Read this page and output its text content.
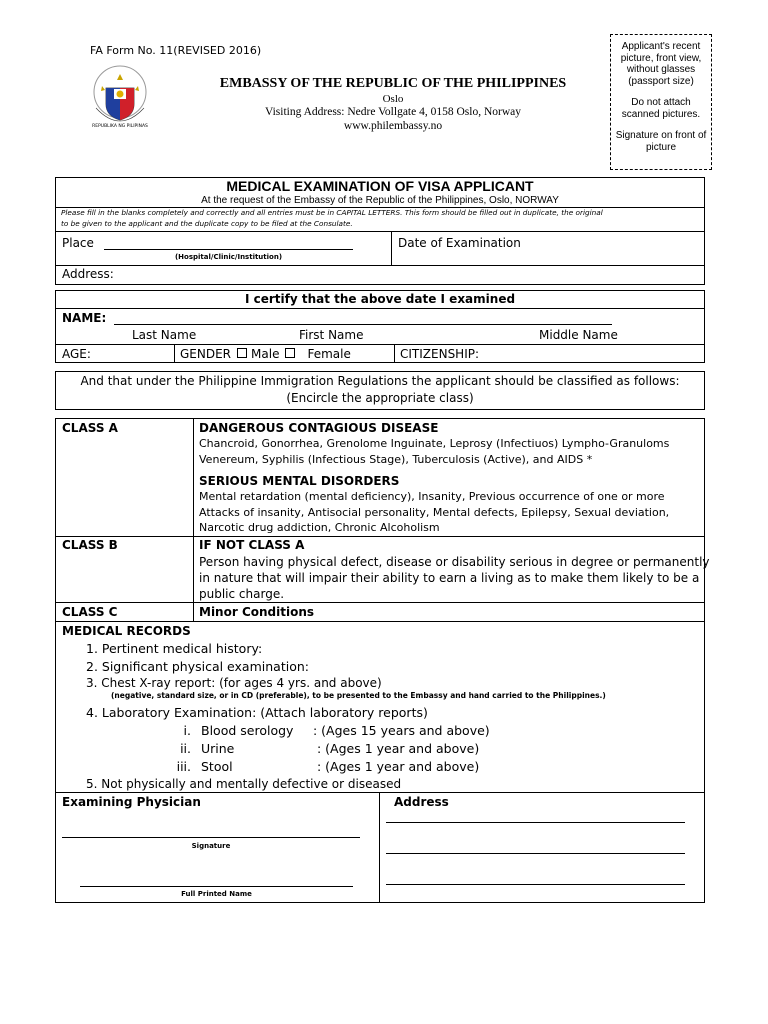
FA Form No. 11(REVISED 2016)
REPUBLIKA NG PILIPINAS
EMBASSY OF THE REPUBLIC OF THE PHILIPPINES
Oslo
Visiting Address: Nedre Vollgate 4, 0158 Oslo, Norway
www.philembassy.no
Applicant's recent picture, front view, without glasses (passport size)
Do not attach scanned pictures.
Signature on front of picture
MEDICAL EXAMINATION OF VISA APPLICANT
At the request of the Embassy of the Republic of the Philippines, Oslo, NORWAY
Please fill in the blanks completely and correctly and all entries must be in CAPITAL LETTERS. This form should be filled out in duplicate, the original
to be given to the applicant and the duplicate copy to be filed at the Consulate.
Place
(Hospital/Clinic/Institution)
Date of Examination
Address:
I certify that the above date I examined
NAME:
Last Name	First Name	Middle Name
AGE:	GENDER Male Female	CITIZENSHIP:
And that under the Philippine Immigration Regulations the applicant should be classified as follows:
(Encircle the appropriate class)
CLASS A	DANGEROUS CONTAGIOUS DISEASE
Chancroid, Gonorrhea, Grenolome Inguinate, Leprosy (Infectiuos) Lympho-Granuloms
Venereum, Syphilis (Infectious Stage), Tuberculosis (Active), and AIDS *
SERIOUS MENTAL DISORDERS
Mental retardation (mental deficiency), Insanity, Previous occurrence of one or more
Attacks of insanity, Antisocial personality, Mental defects, Epilepsy, Sexual deviation,
Narcotic drug addiction, Chronic Alcoholism
CLASS B	IF NOT CLASS A
Person having physical defect, disease or disability serious in degree or permanently
in nature that will impair their ability to earn a living as to make them likely to be a
public charge.
CLASS C	Minor Conditions
MEDICAL RECORDS
1. Pertinent medical history:
2. Significant physical examination:
3. Chest X-ray report: (for ages 4 yrs. and above)
(negative, standard size, or in CD (preferable), to be presented to the Embassy and hand carried to the Philippines.)
4. Laboratory Examination: (Attach laboratory reports)
i. Blood serology : (Ages 15 years and above)
ii. Urine	: (Ages 1 year and above)
iii. Stool	: (Ages 1 year and above)
5. Not physically and mentally defective or diseased
Examining Physician
Signature
Full Printed Name
Address
